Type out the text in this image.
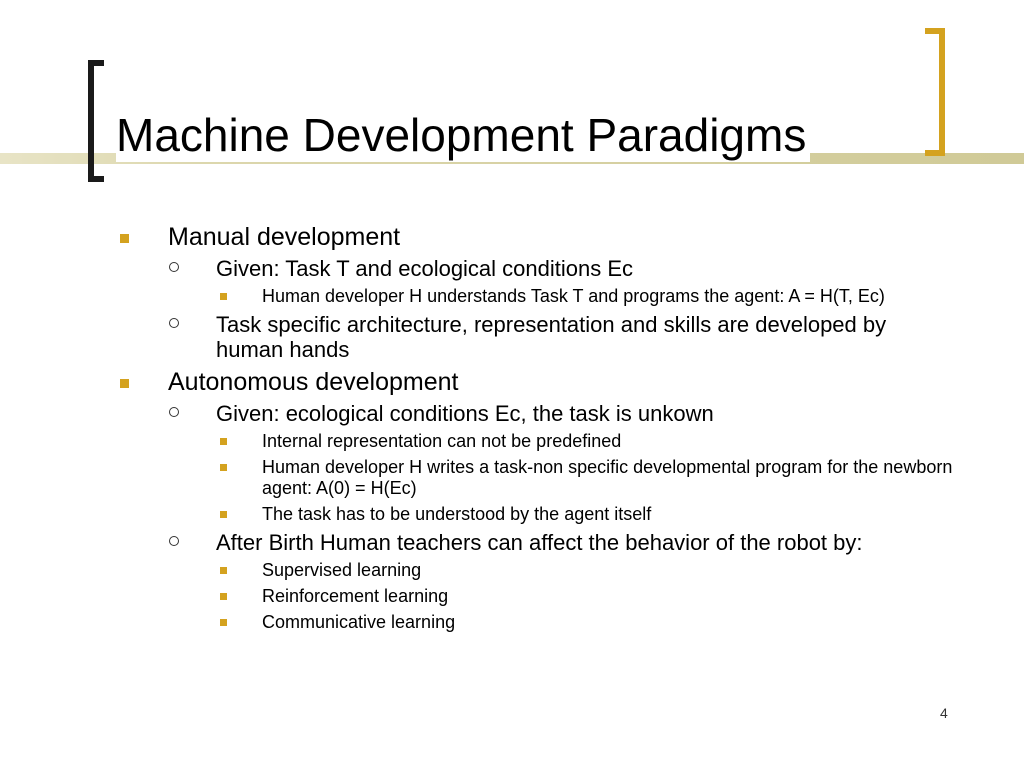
Machine Development Paradigms
Manual development
Given: Task T and ecological conditions Ec
Human developer H understands Task T and programs the agent: A = H(T, Ec)
Task specific architecture, representation and skills are developed by human hands
Autonomous development
Given: ecological conditions Ec, the task is unkown
Internal representation can not be predefined
Human developer H writes a task-non specific developmental program for the newborn agent: A(0) = H(Ec)
The task has to be understood by the agent itself
After Birth Human teachers can affect the behavior of the robot by:
Supervised learning
Reinforcement learning
Communicative learning
4
